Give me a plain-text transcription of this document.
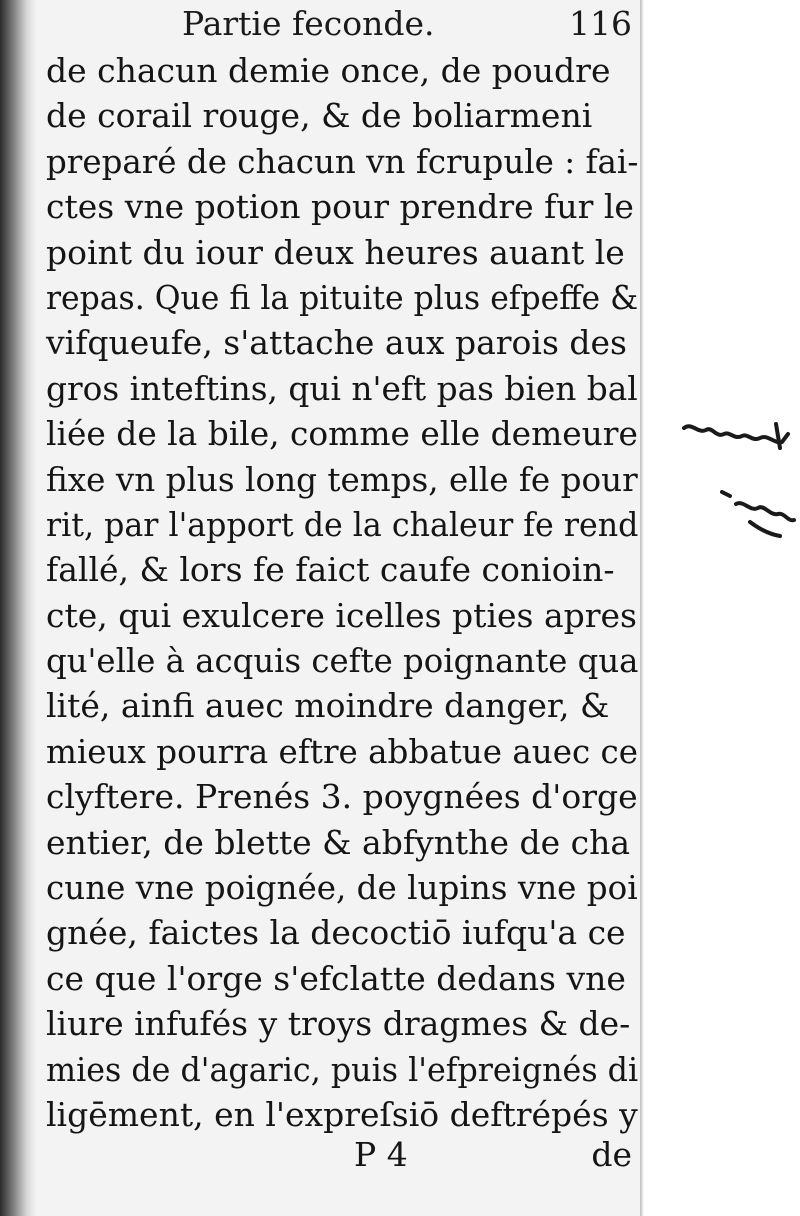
Partie feconde.	116
de chacun demie once, de poudre
de corail rouge, & de boliarmeni
preparé de chacun vn fcrupule : fai-
ctes vne potion pour prendre fur le
point du iour deux heures auant le
repas. Que fi la pituite plus efpeffe &
vifqueufe, s'attache aux parois des
gros inteftins, qui n'eft pas bien bal
liée de la bile, comme elle demeure
fixe vn plus long temps, elle fe pour
rit, par l'apport de la chaleur fe rend
fallé, & lors fe faict caufe conioin-
cte, qui exulcere icelles pties apres
qu'elle à acquis cefte poignante qua
lité, ainfi auec moindre danger, &
mieux pourra eftre abbatue auec ce
clyftere. Prenés 3. poygnées d'orge
entier, de blette & abfynthe de cha
cune vne poignée, de lupins vne poi
gnée, faictes la decoctiō iufqu'a ce
ce que l'orge s'efclatte dedans vne
liure infufés y troys dragmes & de-
mies de d'agaric, puis l'efpreignés di
ligēment, en l'expreſsiō deftrépés y
P 4	de
